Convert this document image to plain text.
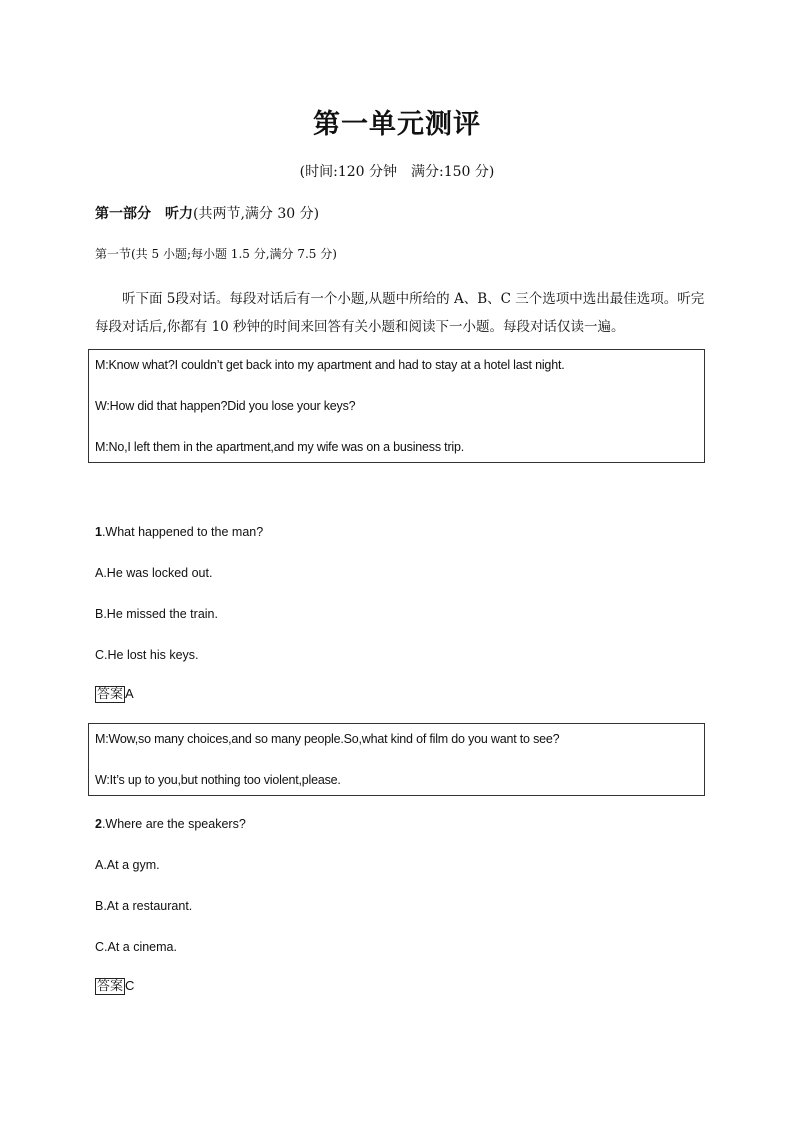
第一单元测评
(时间:120 分钟　满分:150 分)
第一部分 听力(共两节,满分 30 分)
第一节(共 5 小题;每小题 1.5 分,满分 7.5 分)
听下面 5段对话。每段对话后有一个小题,从题中所给的 A、B、C 三个选项中选出最佳选项。听完每段对话后,你都有 10 秒钟的时间来回答有关小题和阅读下一小题。每段对话仅读一遍。
M:Know what?I couldn’t get back into my apartment and had to stay at a hotel last night.
W:How did that happen?Did you lose your keys?
M:No,I left them in the apartment,and my wife was on a business trip.
1.What happened to the man?
A.He was locked out.
B.He missed the train.
C.He lost his keys.
答案 A
M:Wow,so many choices,and so many people.So,what kind of film do you want to see?
W:It’s up to you,but nothing too violent,please.
2.Where are the speakers?
A.At a gym.
B.At a restaurant.
C.At a cinema.
答案 C
